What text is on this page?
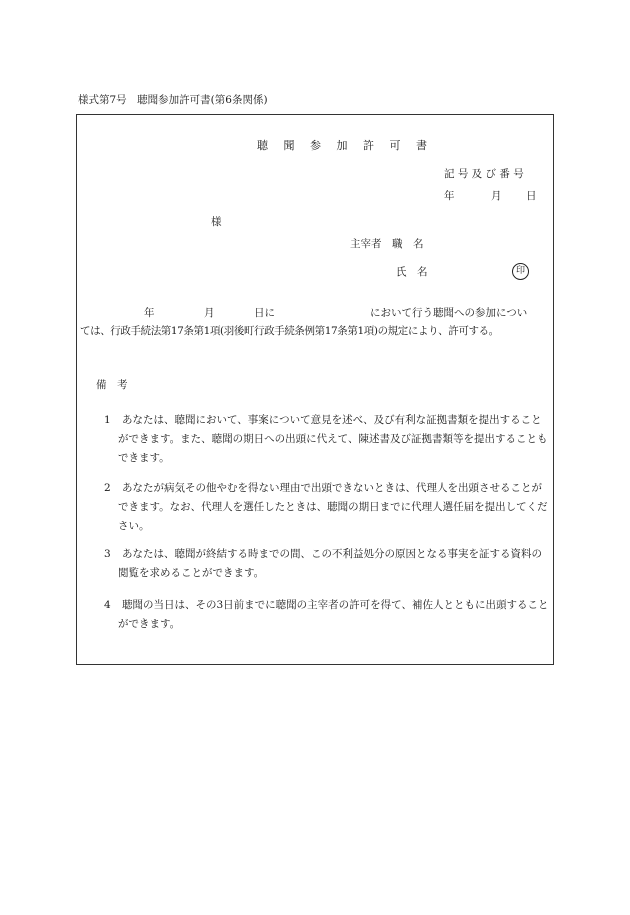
様式第7号　聴聞参加許可書(第6条関係)
聴 聞 参 加 許 可 書
記 号 及 び 番 号
年	月 日
様
主宰者　職　名
氏　名	印
年	月	日に	において行う聴聞への参加につい
ては、行政手続法第17条第1項(羽後町行政手続条例第17条第1項)の規定により、許可する。
備　考
1	あなたは、聴聞において、事案について意見を述べ、及び有利な証拠書類を提出することができます。また、聴聞の期日への出頭に代えて、陳述書及び証拠書類等を提出することもできます。
2	あなたが病気その他やむを得ない理由で出頭できないときは、代理人を出頭させることができます。なお、代理人を選任したときは、聴聞の期日までに代理人選任届を提出してください。
3	あなたは、聴聞が終結する時までの間、この不利益処分の原因となる事実を証する資料の閲覧を求めることができます。
4	聴聞の当日は、その3日前までに聴聞の主宰者の許可を得て、補佐人とともに出頭することができます。
